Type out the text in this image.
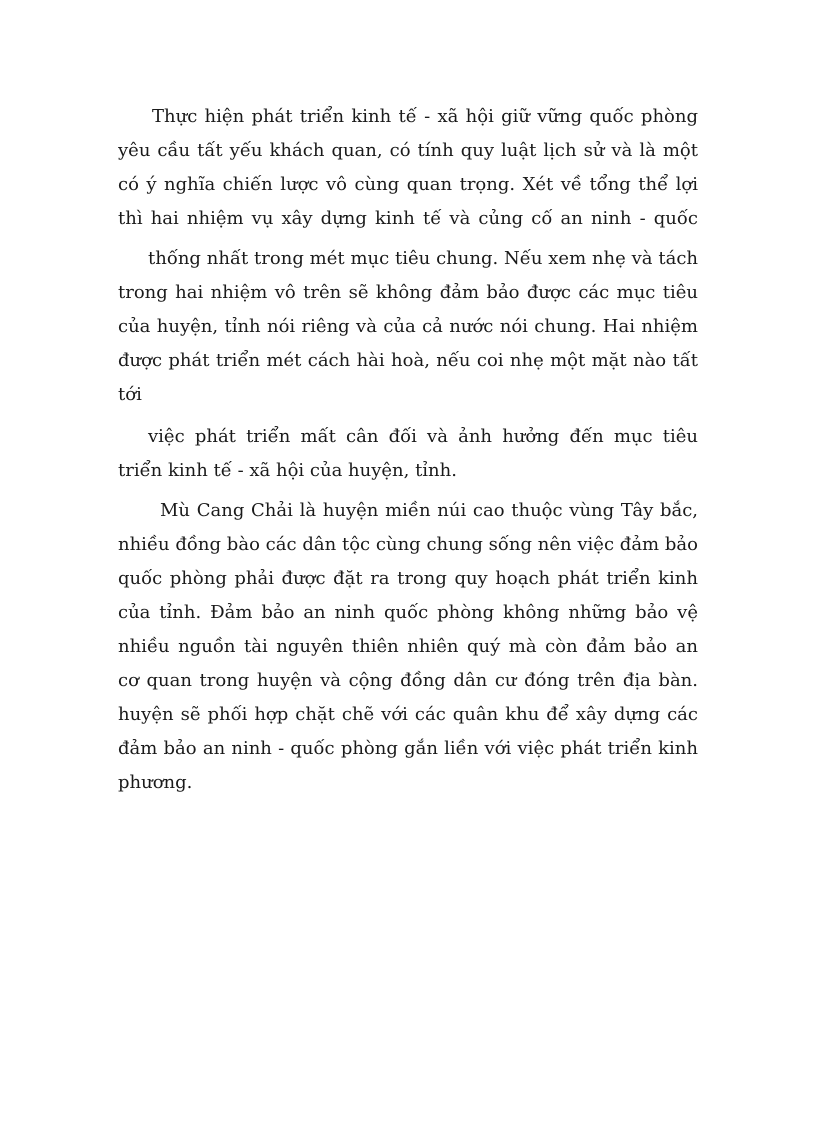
Thực hiện phát triển kinh tế - xã hội giữ vững quốc phòng
yêu cầu tất yếu khách quan, có tính quy luật lịch sử và là một
có ý nghĩa chiến lược vô cùng quan trọng. Xét về tổng thể lợi
thì hai nhiệm vụ xây dựng kinh tế và củng cố an ninh - quốc
thống nhất trong mét mục tiêu chung. Nếu xem nhẹ và tách
trong hai nhiệm vô trên sẽ không đảm bảo được các mục tiêu
của huyện, tỉnh nói riêng và của cả nước nói chung. Hai nhiệm
được phát triển mét cách hài hoà, nếu coi nhẹ một mặt nào tất
tới
việc phát triển mất cân đối và ảnh hưởng đến mục tiêu
triển kinh tế - xã hội của huyện, tỉnh.
Mù Cang Chải là huyện miền núi cao thuộc vùng Tây bắc,
nhiều đồng bào các dân tộc cùng chung sống nên việc đảm bảo
quốc phòng phải được đặt ra trong quy hoạch phát triển kinh
của tỉnh. Đảm bảo an ninh quốc phòng không những bảo vệ
nhiều nguồn tài nguyên thiên nhiên quý mà còn đảm bảo an
cơ quan trong huyện và cộng đồng dân cư đóng trên địa bàn.
huyện sẽ phối hợp chặt chẽ với các quân khu để xây dựng các
đảm bảo an ninh - quốc phòng gắn liền với việc phát triển kinh
phương.
